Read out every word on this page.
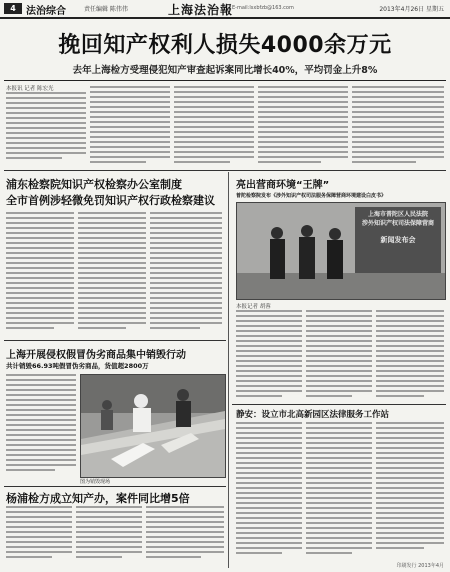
4	法治综合	责任编辑 陈伟伟	上海法治報
E-mail:lsxbfzb@163.com	2013年4月26日 星期五
挽回知产权利人损失4000余万元
去年上海检方受理侵犯知产审查起诉案同比增长40%，平均罚金上升8%
本报讯 记者 陈宏光
浦东检察院知识产权检察办公室制度
全市首例涉轻微免罚知识产权行政检察建议
上海开展侵权假冒伪劣商品集中销毁行动
共计销毁66.93吨假冒伪劣商品，货值超2800万
图为销毁现场
杨浦检方成立知产办，案件同比增5倍
亮出营商环境“王牌”
普陀检察院发布《涉外知识产权司法服务保障营商环境建设白皮书》
上海市普陀区人民法院
涉外知识产权司法保障营商
新闻发布会
本报记者 胡蓉
静安：设立市北高新园区法律服务工作站
印刷发行 2013年4月
